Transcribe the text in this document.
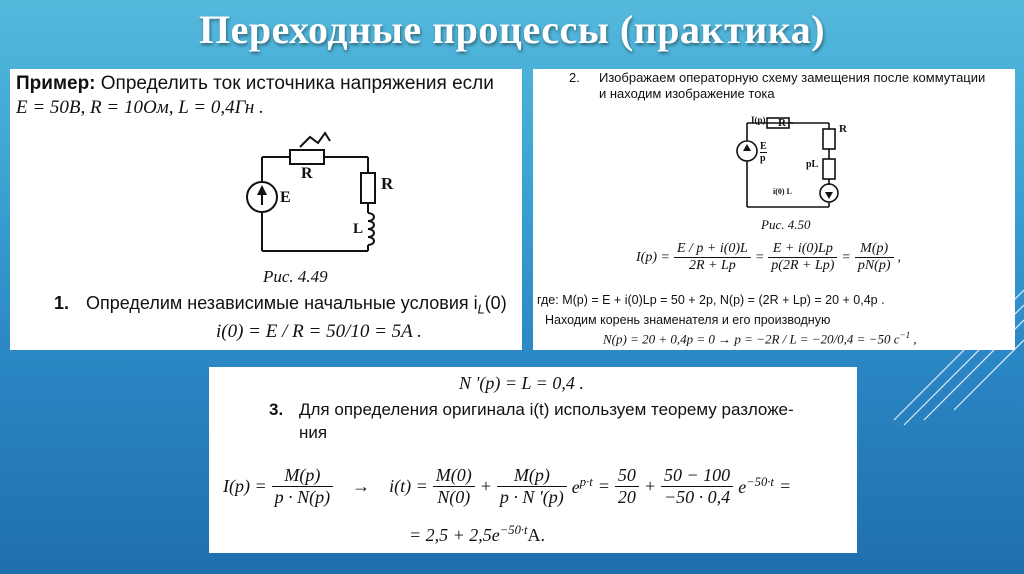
Переходные процессы (практика)
Пример: Определить ток источника напряжения если
E = 50В, R = 10Ом, L = 0,4Гн .
R
R
E
L
Рис. 4.49
1. Определим независимые начальные условия $i_L(0)$
i(0) = E / R = 50/10 = 5A .
2. Изображаем операторную схему замещения после коммутации
и находим изображение тока
I(p) R	R
E
p
pL
i(0) L
Рис. 4.50
$I(p) = \frac{E / p + i(0)L}{2R + Lp} = \frac{E + i(0)Lp}{p(2R + Lp)} = \frac{M(p)}{pN(p)}$ ,
где: M(p) = E + i(0)Lp = 50 + 2p, N(p) = (2R + Lp) = 20 + 0,4p .
Находим корень знаменателя и его производную
N(p) = 20 + 0,4p = 0 → p = −2R / L = −20/0,4 = −50 $c^{-1}$ ,
N '(p) = L = 0,4 .
3. Для определения оригинала i(t) используем теорему разложе-
ния
$I(p) = \frac{M(p)}{p \cdot N(p)} \to i(t) = \frac{M(0)}{N(0)} + \frac{M(p)}{p \cdot N '(p)} e^{p\cdot t} = \frac{50}{20} + \frac{50 - 100}{-50 \cdot 0,4} e^{-50\cdot t}$ =
= $2,5 + 2,5e^{-50\cdot t}A$.
